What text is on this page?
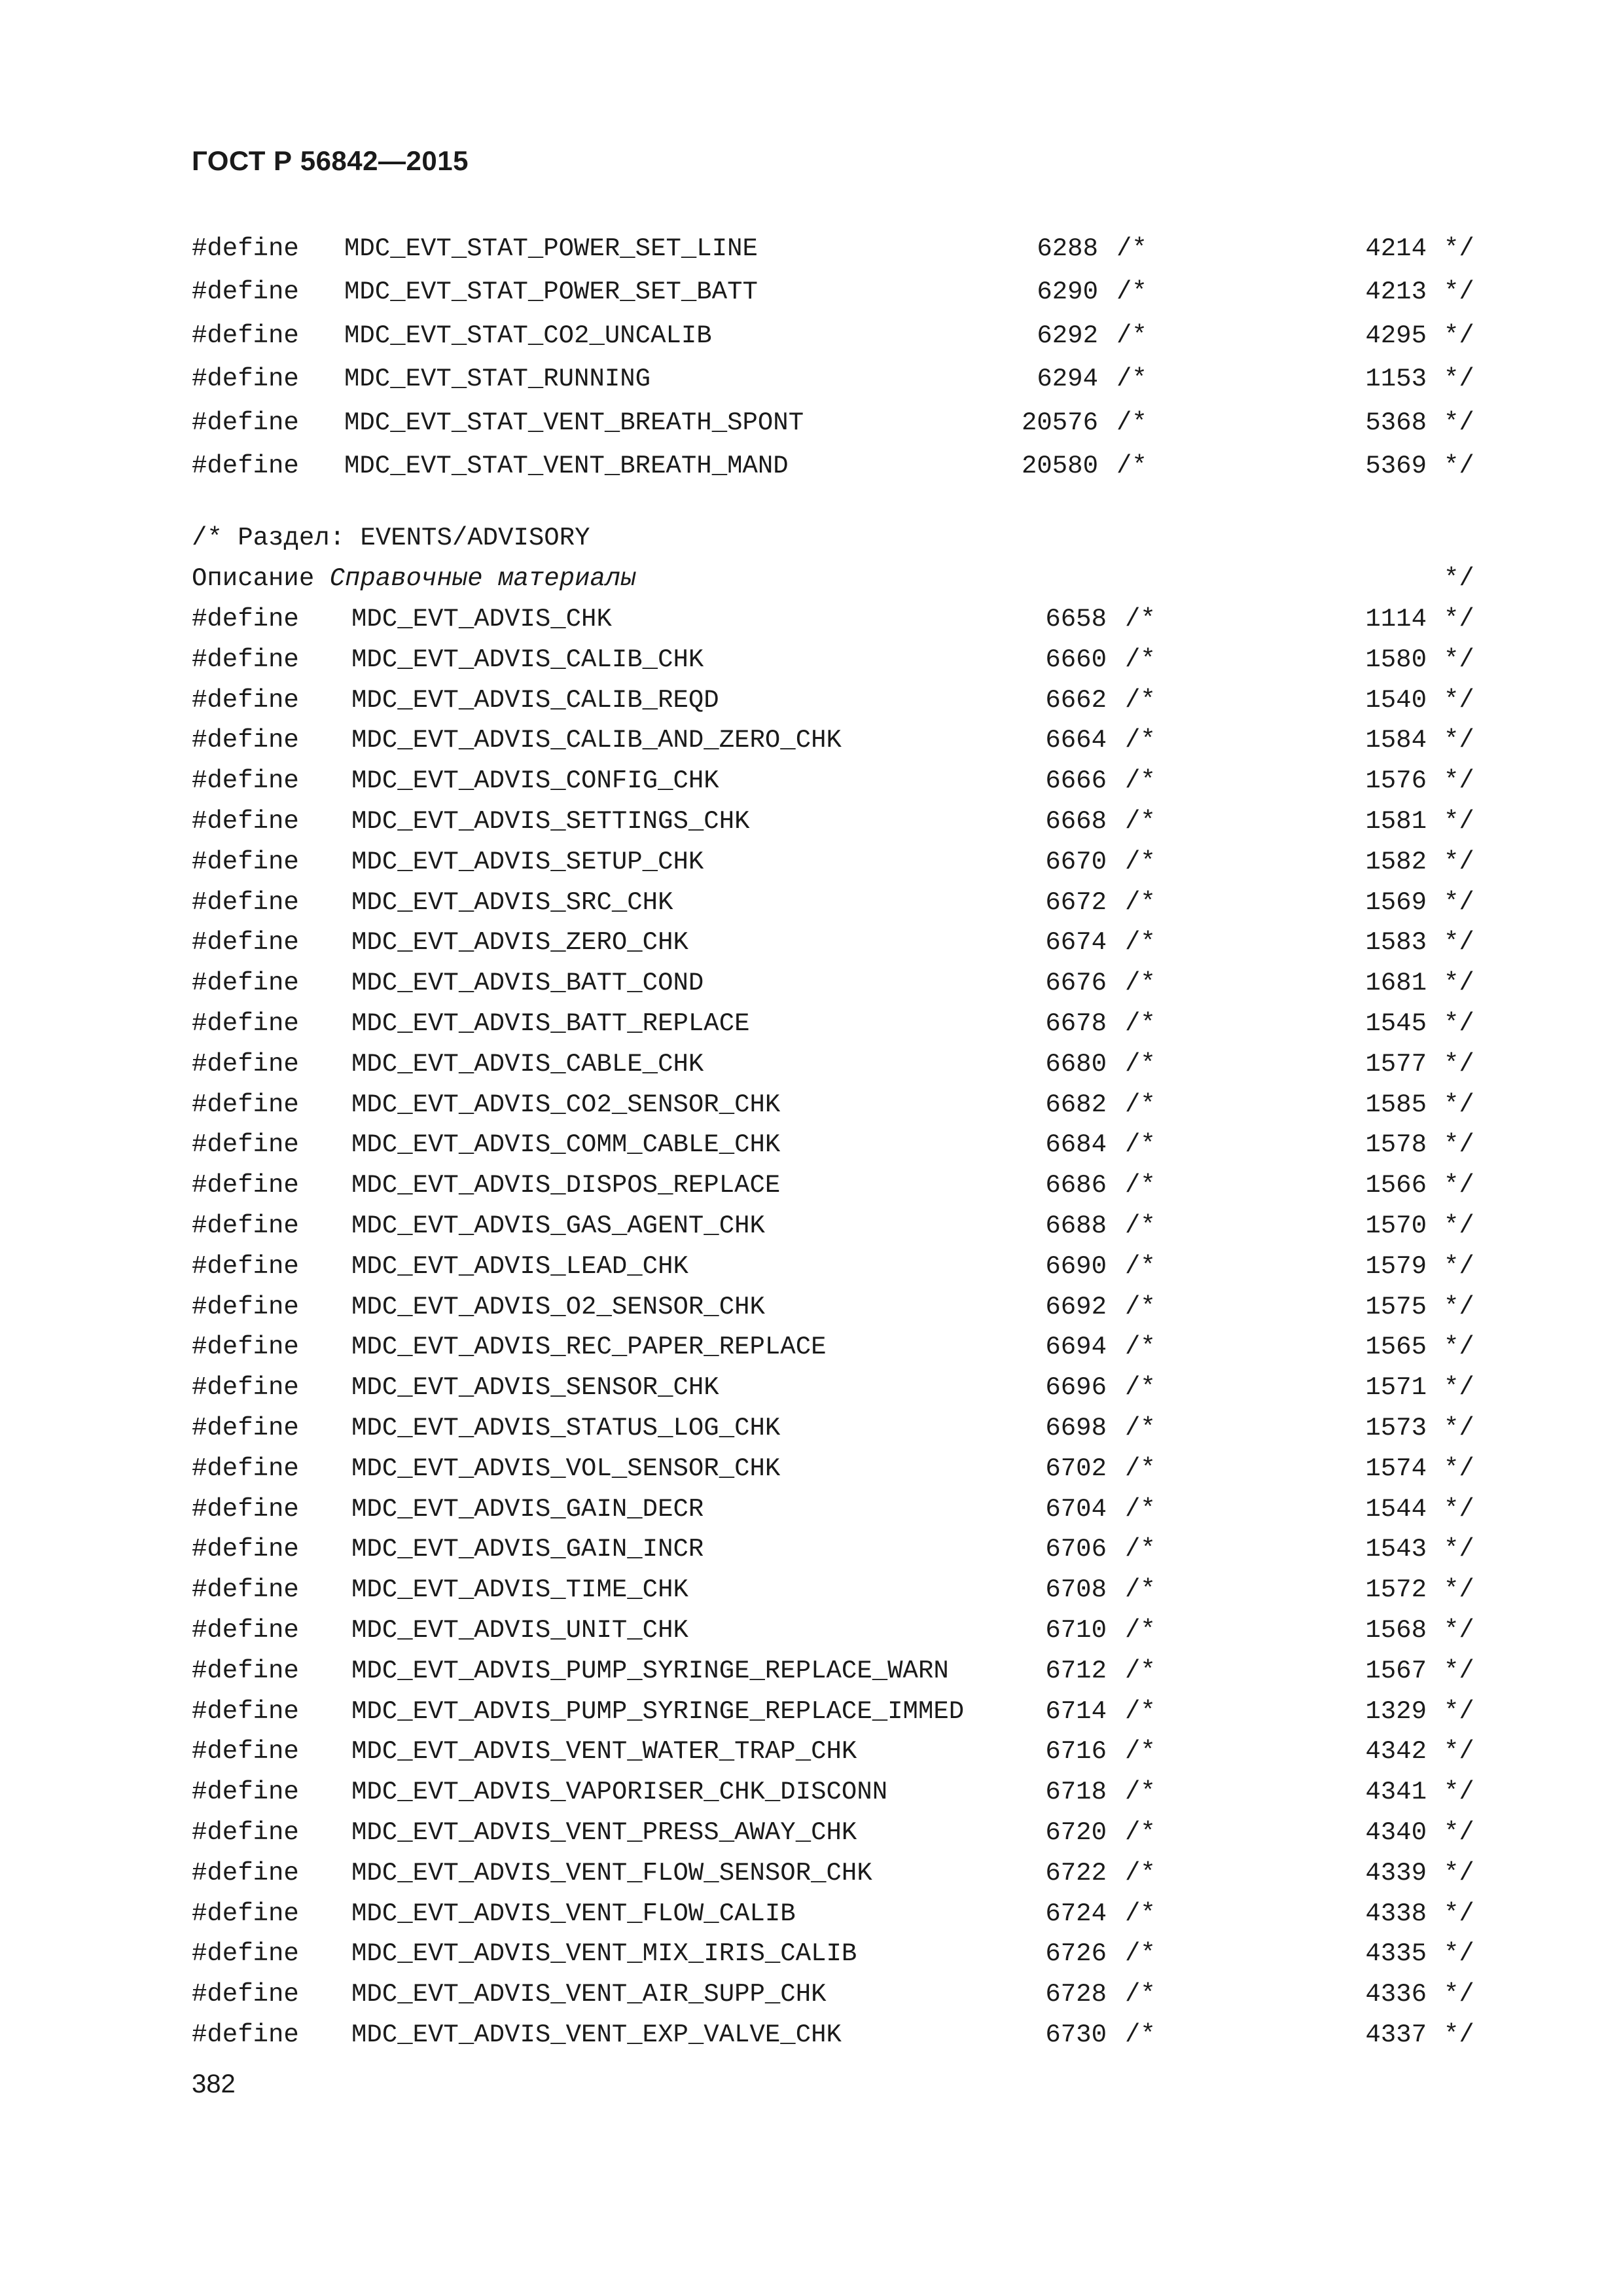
ГОСТ Р 56842—2015
#define MDC_EVT_STAT_POWER_SET_LINE	6288 /*	4214 */
#define MDC_EVT_STAT_POWER_SET_BATT	6290 /*	4213 */
#define MDC_EVT_STAT_CO2_UNCALIB	6292 /*	4295 */
#define MDC_EVT_STAT_RUNNING	6294 /*	1153 */
#define MDC_EVT_STAT_VENT_BREATH_SPONT	20576 /*	5368 */
#define MDC_EVT_STAT_VENT_BREATH_MAND	20580 /*	5369 */
/* Раздел: EVENTS/ADVISORY
Описание Справочные материалы	*/
#define MDC_EVT_ADVIS_CHK	6658 /*	1114 */
#define MDC_EVT_ADVIS_CALIB_CHK	6660 /*	1580 */
#define MDC_EVT_ADVIS_CALIB_REQD	6662 /*	1540 */
#define MDC_EVT_ADVIS_CALIB_AND_ZERO_CHK	6664 /*	1584 */
#define MDC_EVT_ADVIS_CONFIG_CHK	6666 /*	1576 */
#define MDC_EVT_ADVIS_SETTINGS_CHK	6668 /*	1581 */
#define MDC_EVT_ADVIS_SETUP_CHK	6670 /*	1582 */
#define MDC_EVT_ADVIS_SRC_CHK	6672 /*	1569 */
#define MDC_EVT_ADVIS_ZERO_CHK	6674 /*	1583 */
#define MDC_EVT_ADVIS_BATT_COND	6676 /*	1681 */
#define MDC_EVT_ADVIS_BATT_REPLACE	6678 /*	1545 */
#define MDC_EVT_ADVIS_CABLE_CHK	6680 /*	1577 */
#define MDC_EVT_ADVIS_CO2_SENSOR_CHK	6682 /*	1585 */
#define MDC_EVT_ADVIS_COMM_CABLE_CHK	6684 /*	1578 */
#define MDC_EVT_ADVIS_DISPOS_REPLACE	6686 /*	1566 */
#define MDC_EVT_ADVIS_GAS_AGENT_CHK	6688 /*	1570 */
#define MDC_EVT_ADVIS_LEAD_CHK	6690 /*	1579 */
#define MDC_EVT_ADVIS_O2_SENSOR_CHK	6692 /*	1575 */
#define MDC_EVT_ADVIS_REC_PAPER_REPLACE	6694 /*	1565 */
#define MDC_EVT_ADVIS_SENSOR_CHK	6696 /*	1571 */
#define MDC_EVT_ADVIS_STATUS_LOG_CHK	6698 /*	1573 */
#define MDC_EVT_ADVIS_VOL_SENSOR_CHK	6702 /*	1574 */
#define MDC_EVT_ADVIS_GAIN_DECR	6704 /*	1544 */
#define MDC_EVT_ADVIS_GAIN_INCR	6706 /*	1543 */
#define MDC_EVT_ADVIS_TIME_CHK	6708 /*	1572 */
#define MDC_EVT_ADVIS_UNIT_CHK	6710 /*	1568 */
#define MDC_EVT_ADVIS_PUMP_SYRINGE_REPLACE_WARN	6712 /*	1567 */
#define MDC_EVT_ADVIS_PUMP_SYRINGE_REPLACE_IMMED	6714 /*	1329 */
#define MDC_EVT_ADVIS_VENT_WATER_TRAP_CHK	6716 /*	4342 */
#define MDC_EVT_ADVIS_VAPORISER_CHK_DISCONN	6718 /*	4341 */
#define MDC_EVT_ADVIS_VENT_PRESS_AWAY_CHK	6720 /*	4340 */
#define MDC_EVT_ADVIS_VENT_FLOW_SENSOR_CHK	6722 /*	4339 */
#define MDC_EVT_ADVIS_VENT_FLOW_CALIB	6724 /*	4338 */
#define MDC_EVT_ADVIS_VENT_MIX_IRIS_CALIB	6726 /*	4335 */
#define MDC_EVT_ADVIS_VENT_AIR_SUPP_CHK	6728 /*	4336 */
#define MDC_EVT_ADVIS_VENT_EXP_VALVE_CHK	6730 /*	4337 */
382
